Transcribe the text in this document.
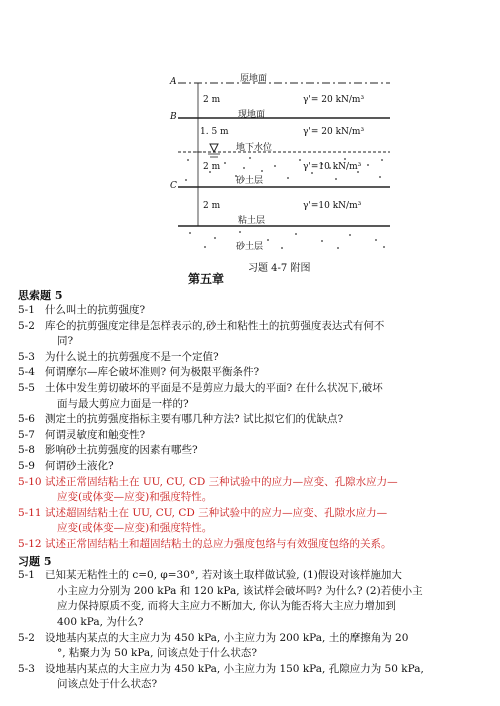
原地面
A
2 m	γ'= 20 kN/m³
现地面
B
1. 5 m	γ'= 20 kN/m³
地下水位
2 m	γ'=10 kN/m³
砂土层
C
2 m	γ'=10 kN/m³
粘土层
砂土层
习题 4-7 附图
第五章
思索题 5
5-1 什么叫土的抗剪强度?
5-2 库仑的抗剪强度定律是怎样表示的,砂土和粘性土的抗剪强度表达式有何不
同?
5-3 为什么说土的抗剪强度不是一个定值?
5-4 何谓摩尔—库仑破坏准则? 何为极限平衡条件?
5-5 土体中发生剪切破坏的平面是不是剪应力最大的平面? 在什么状况下,破坏
面与最大剪应力面是一样的?
5-6 测定土的抗剪强度指标主要有哪几种方法? 试比拟它们的优缺点?
5-7 何谓灵敏度和触变性?
5-8 影响砂土抗剪强度的因素有哪些?
5-9 何谓砂土液化?
5-10 试述正常固结粘土在 UU, CU, CD 三种试验中的应力—应变、孔隙水应力—
应变(或体变—应变)和强度特性。
5-11 试述超固结粘土在 UU, CU, CD 三种试验中的应力—应变、孔隙水应力—
应变(或体变—应变)和强度特性。
5-12 试述正常固结粘土和超固结粘土的总应力强度包络与有效强度包络的关系。
习题 5
5-1 已知某无粘性土的 c=0, φ=30°, 若对该土取样做试验, (1)假设对该样施加大
小主应力分别为 200 kPa 和 120 kPa, 该试样会破坏吗? 为什么? (2)若使小主
应力保持原质不变, 而将大主应力不断加大, 你认为能否将大主应力增加到
400 kPa, 为什么?
5-2 设地基内某点的大主应力为 450 kPa, 小主应力为 200 kPa, 土的摩擦角为 20
°, 粘聚力为 50 kPa, 问该点处于什么状态?
5-3 设地基内某点的大主应力为 450 kPa, 小主应力为 150 kPa, 孔隙应力为 50 kPa,
问该点处于什么状态?
